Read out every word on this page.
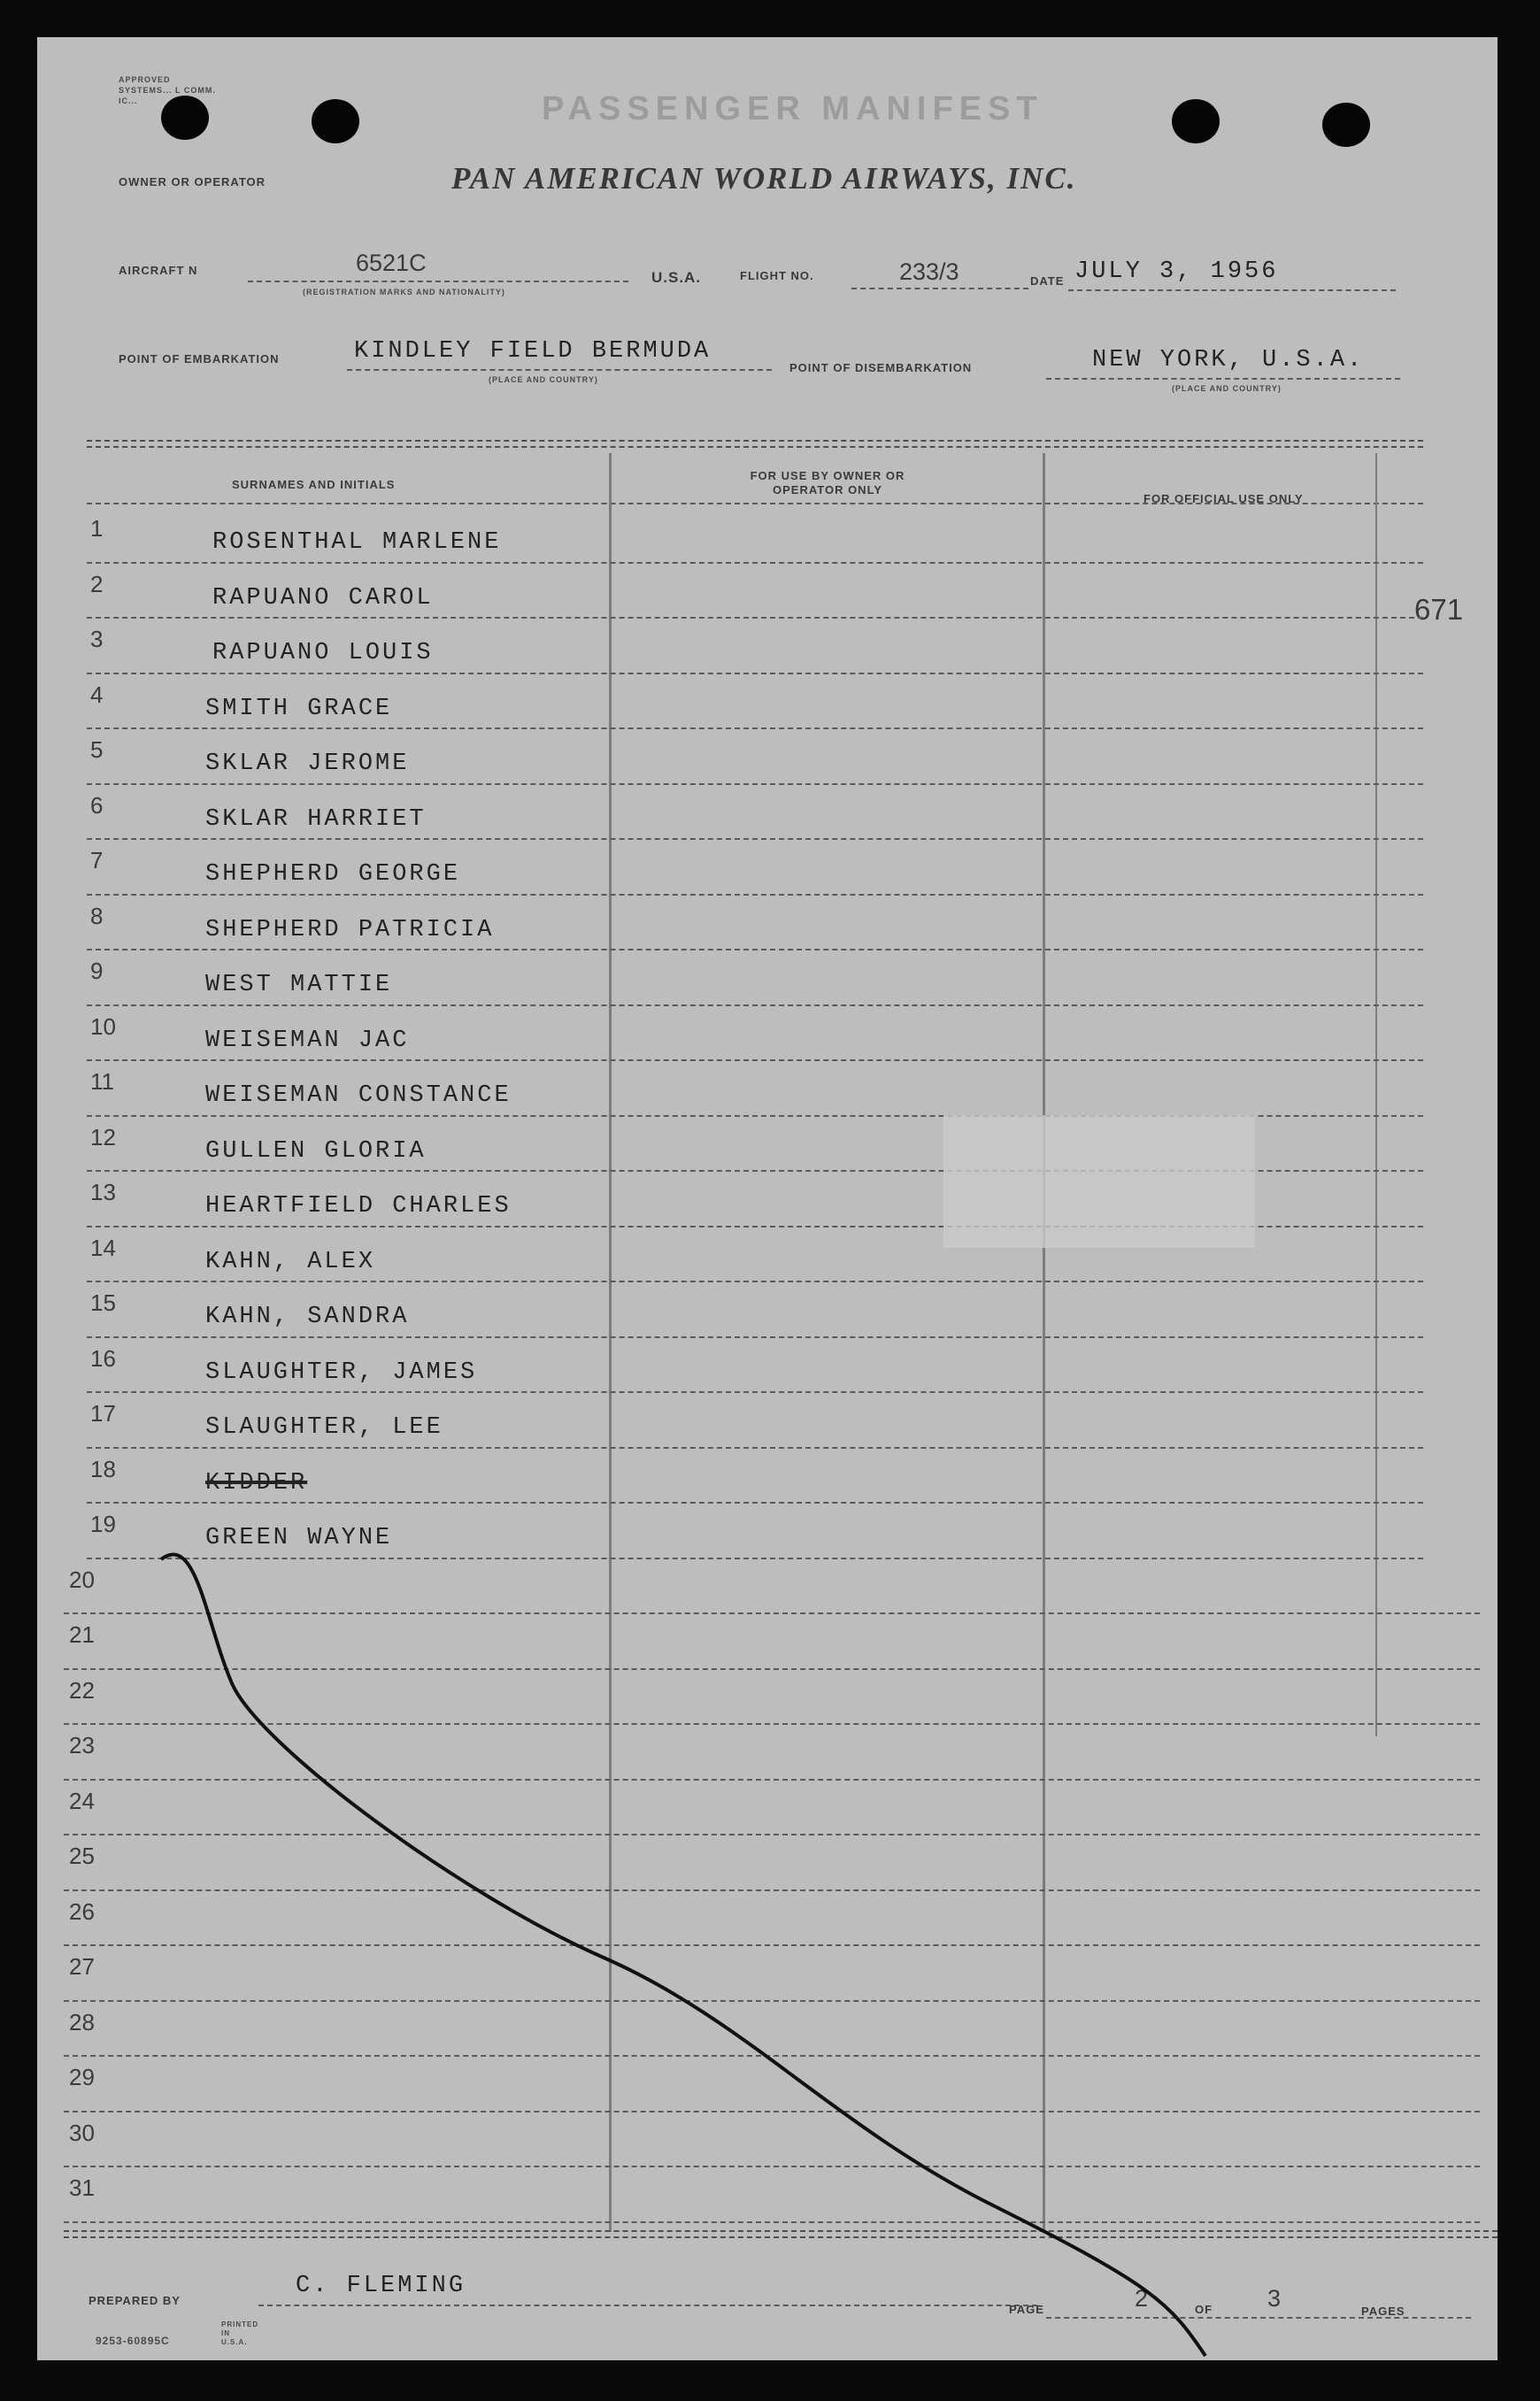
APPROVED
SYSTEMS... L COMM.
IC...	PASSENGER MANIFEST
OWNER OR OPERATOR	PAN AMERICAN WORLD AIRWAYS, INC.
AIRCRAFT N	6521C
(REGISTRATION MARKS AND NATIONALITY)
U.S.A.	FLIGHT NO.	233/3	DATE JULY 3, 1956
POINT OF EMBARKATION	KINDLEY FIELD BERMUDA
(PLACE AND COUNTRY)
POINT OF DISEMBARKATION	NEW YORK, U.S.A.
(PLACE AND COUNTRY)
SURNAMES AND INITIALS
FOR USE BY OWNER OR OPERATOR ONLY
FOR OFFICIAL USE ONLY
671
1
ROSENTHAL MARLENE
2
RAPUANO CAROL
3
RAPUANO LOUIS
4
SMITH GRACE
5
SKLAR JEROME
6
SKLAR HARRIET
7
SHEPHERD GEORGE
8
SHEPHERD PATRICIA
9
WEST MATTIE
10
WEISEMAN JAC
11
WEISEMAN CONSTANCE
12
GULLEN GLORIA
13
HEARTFIELD CHARLES
14
KAHN, ALEX
15
KAHN, SANDRA
16
SLAUGHTER, JAMES
17
SLAUGHTER, LEE
18
KIDDER
19
GREEN WAYNE
20
21
22
23
24
25
26
27
28
29
30
31
PREPARED BY
C. FLEMING
PAGE	2	OF 3	PAGES
9253-60895C
PRINTED IN U.S.A.
